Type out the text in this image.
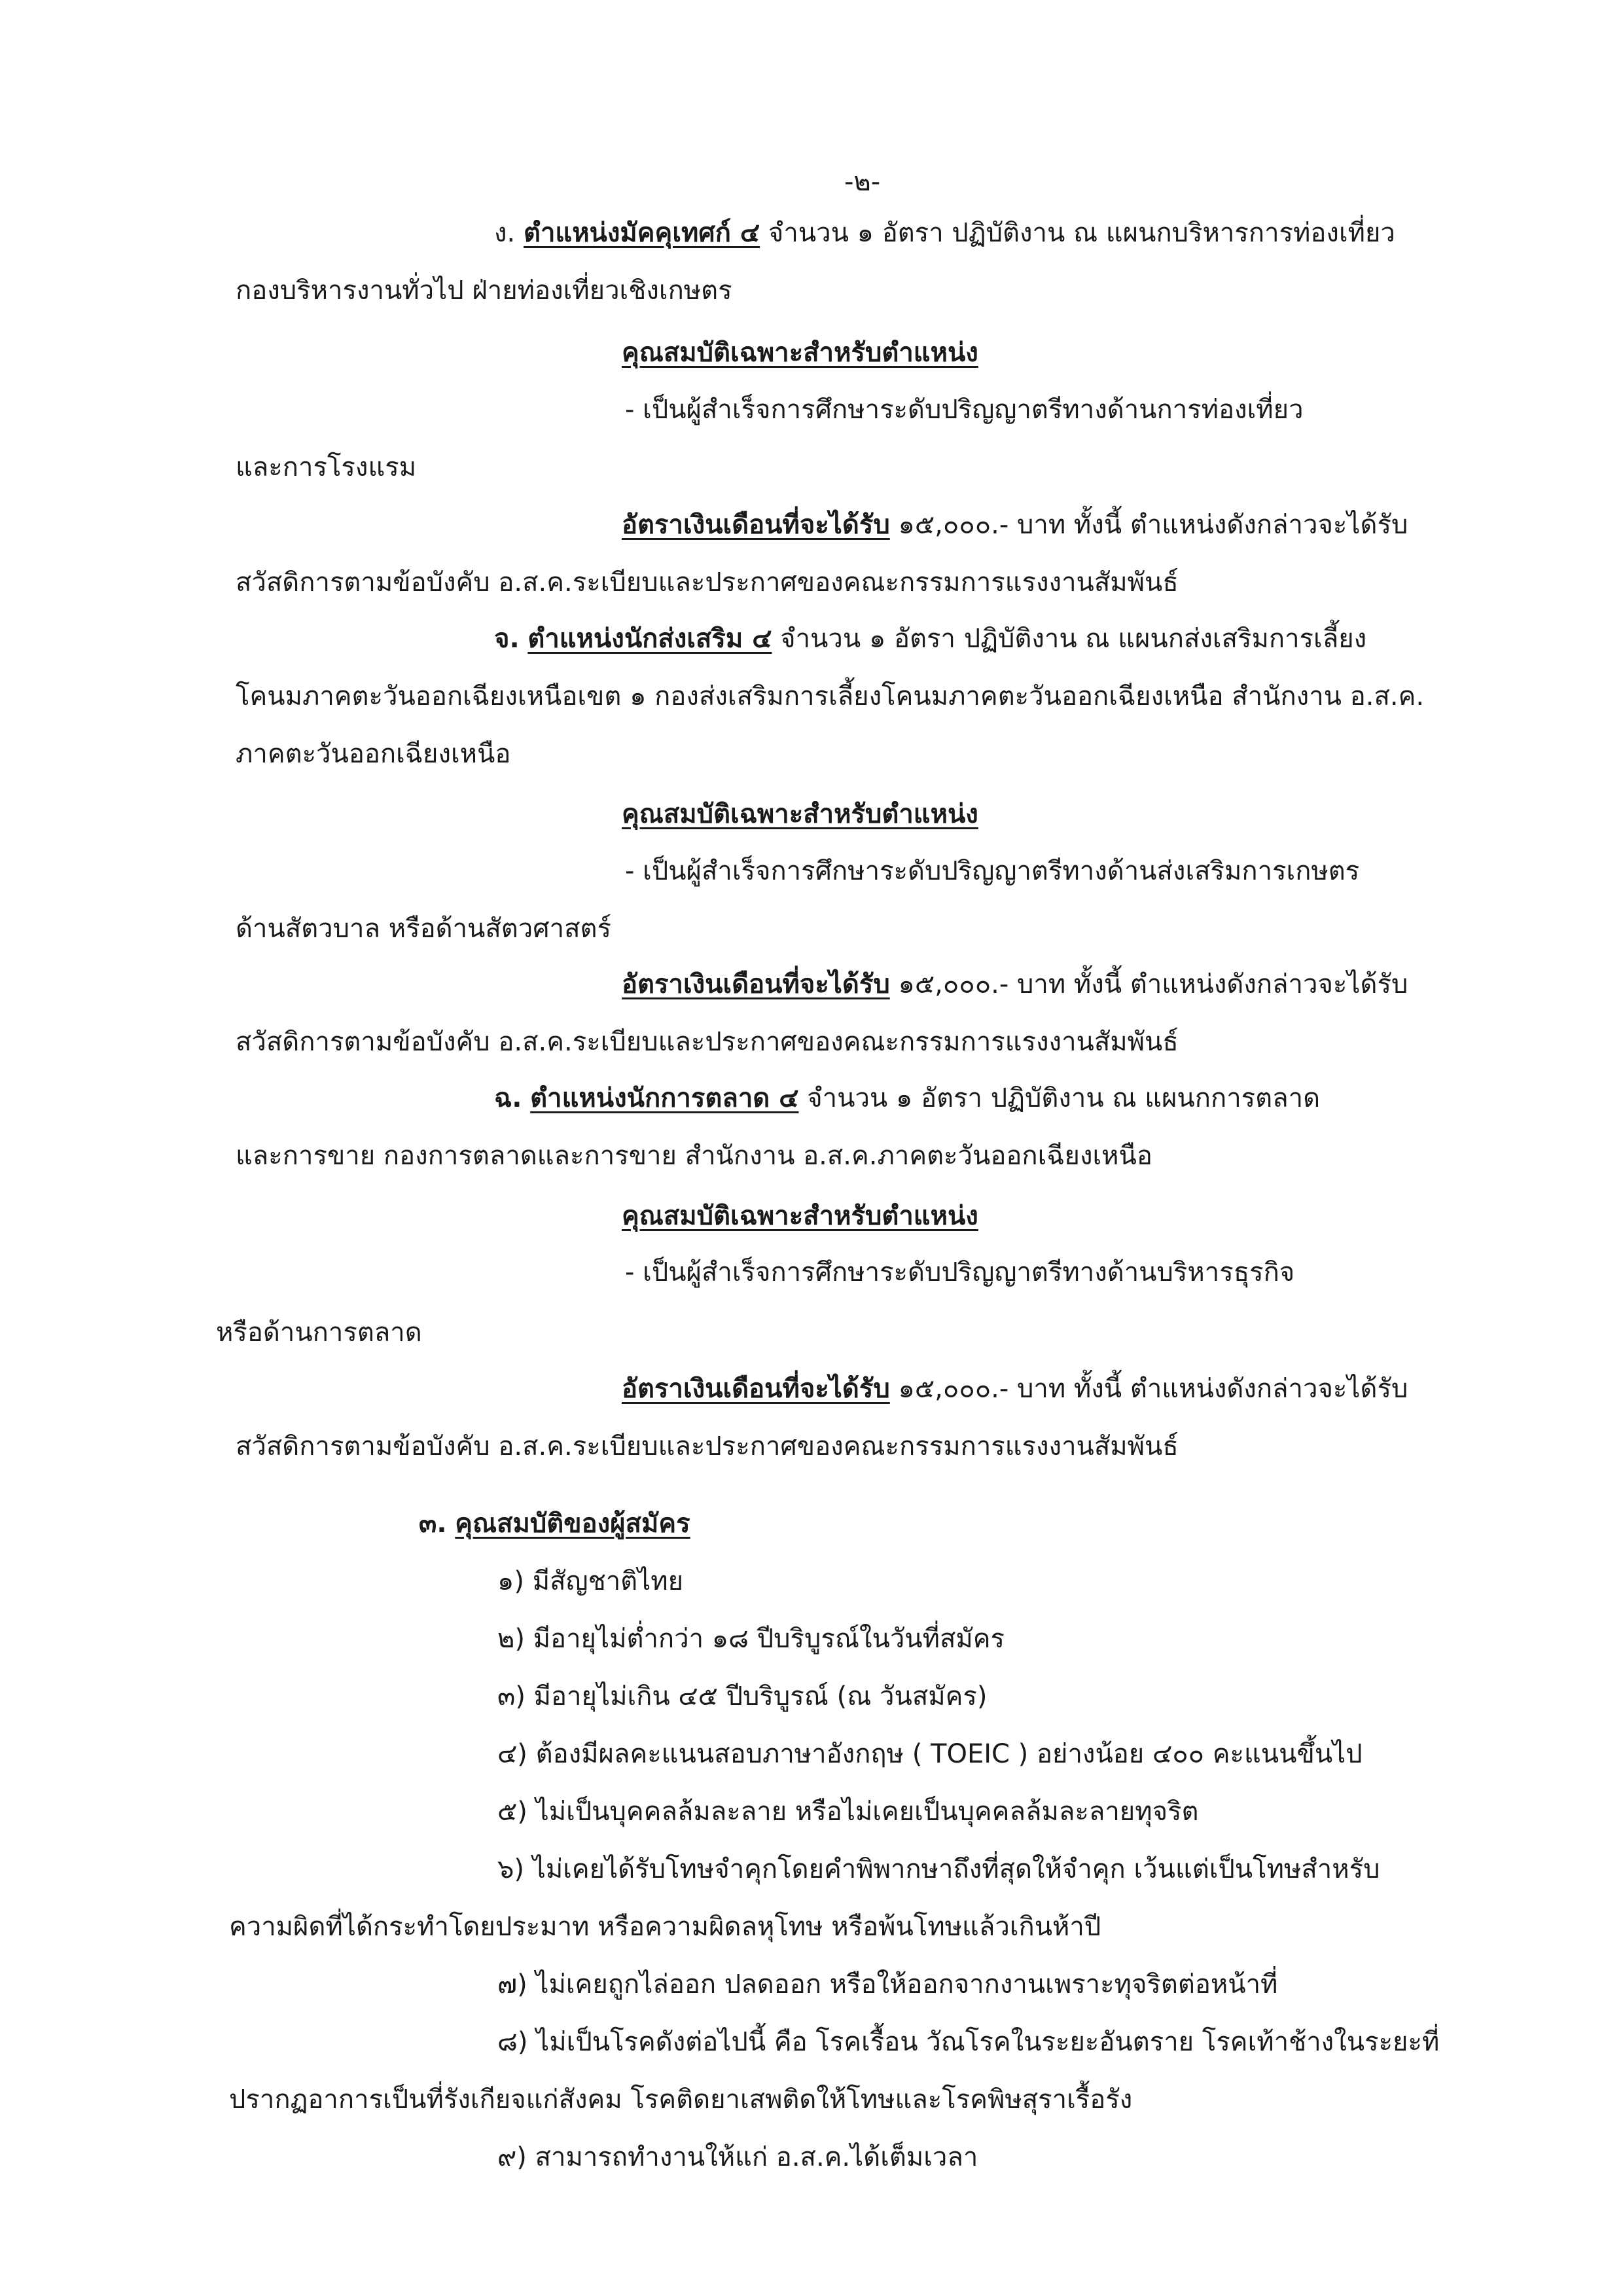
-๒-
ง. ตำแหน่งมัคคุเทศก์ ๔ จำนวน ๑ อัตรา ปฏิบัติงาน ณ แผนกบริหารการท่องเที่ยว
กองบริหารงานทั่วไป ฝ่ายท่องเที่ยวเชิงเกษตร
คุณสมบัติเฉพาะสำหรับตำแหน่ง
- เป็นผู้สำเร็จการศึกษาระดับปริญญาตรีทางด้านการท่องเที่ยว
และการโรงแรม
อัตราเงินเดือนที่จะได้รับ ๑๕,๐๐๐.- บาท ทั้งนี้ ตำแหน่งดังกล่าวจะได้รับ
สวัสดิการตามข้อบังคับ อ.ส.ค.ระเบียบและประกาศของคณะกรรมการแรงงานสัมพันธ์
จ. ตำแหน่งนักส่งเสริม ๔ จำนวน ๑ อัตรา ปฏิบัติงาน ณ แผนกส่งเสริมการเลี้ยง
โคนมภาคตะวันออกเฉียงเหนือเขต ๑ กองส่งเสริมการเลี้ยงโคนมภาคตะวันออกเฉียงเหนือ สำนักงาน อ.ส.ค.
ภาคตะวันออกเฉียงเหนือ
คุณสมบัติเฉพาะสำหรับตำแหน่ง
- เป็นผู้สำเร็จการศึกษาระดับปริญญาตรีทางด้านส่งเสริมการเกษตร
ด้านสัตวบาล หรือด้านสัตวศาสตร์
อัตราเงินเดือนที่จะได้รับ ๑๕,๐๐๐.- บาท ทั้งนี้ ตำแหน่งดังกล่าวจะได้รับ
สวัสดิการตามข้อบังคับ อ.ส.ค.ระเบียบและประกาศของคณะกรรมการแรงงานสัมพันธ์
ฉ. ตำแหน่งนักการตลาด ๔ จำนวน ๑ อัตรา ปฏิบัติงาน ณ แผนกการตลาด
และการขาย กองการตลาดและการขาย สำนักงาน อ.ส.ค.ภาคตะวันออกเฉียงเหนือ
คุณสมบัติเฉพาะสำหรับตำแหน่ง
- เป็นผู้สำเร็จการศึกษาระดับปริญญาตรีทางด้านบริหารธุรกิจ
หรือด้านการตลาด
อัตราเงินเดือนที่จะได้รับ ๑๕,๐๐๐.- บาท ทั้งนี้ ตำแหน่งดังกล่าวจะได้รับ
สวัสดิการตามข้อบังคับ อ.ส.ค.ระเบียบและประกาศของคณะกรรมการแรงงานสัมพันธ์
๓. คุณสมบัติของผู้สมัคร
๑) มีสัญชาติไทย
๒) มีอายุไม่ต่ำกว่า ๑๘ ปีบริบูรณ์ในวันที่สมัคร
๓) มีอายุไม่เกิน ๔๕ ปีบริบูรณ์ (ณ วันสมัคร)
๔) ต้องมีผลคะแนนสอบภาษาอังกฤษ ( TOEIC ) อย่างน้อย ๔๐๐ คะแนนขึ้นไป
๕) ไม่เป็นบุคคลล้มละลาย หรือไม่เคยเป็นบุคคลล้มละลายทุจริต
๖) ไม่เคยได้รับโทษจำคุกโดยคำพิพากษาถึงที่สุดให้จำคุก เว้นแต่เป็นโทษสำหรับ
ความผิดที่ได้กระทำโดยประมาท หรือความผิดลหุโทษ หรือพ้นโทษแล้วเกินห้าปี
๗) ไม่เคยถูกไล่ออก ปลดออก หรือให้ออกจากงานเพราะทุจริตต่อหน้าที่
๘) ไม่เป็นโรคดังต่อไปนี้ คือ โรคเรื้อน วัณโรคในระยะอันตราย โรคเท้าช้างในระยะที่
ปรากฏอาการเป็นที่รังเกียจแก่สังคม โรคติดยาเสพติดให้โทษและโรคพิษสุราเรื้อรัง
๙) สามารถทำงานให้แก่ อ.ส.ค.ได้เต็มเวลา
